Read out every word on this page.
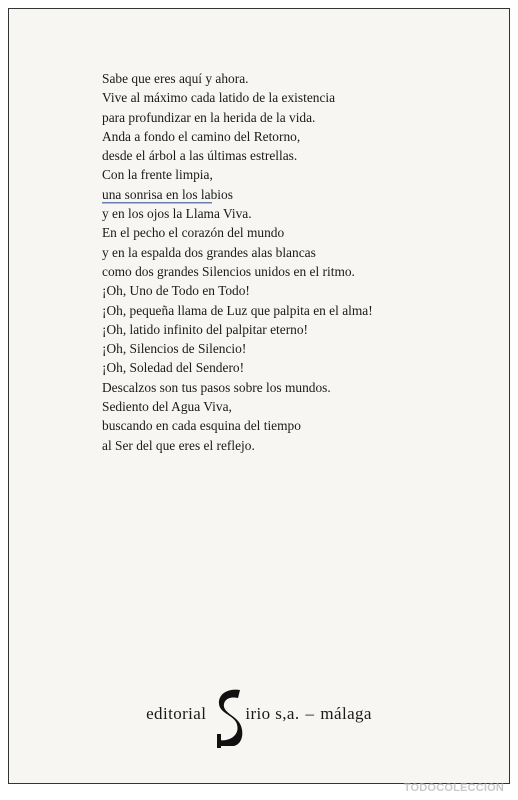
Sabe que eres aquí y ahora.
Vive al máximo cada latido de la existencia
para profundizar en la herida de la vida.
Anda a fondo el camino del Retorno,
desde el árbol a las últimas estrellas.
Con la frente limpia,
una sonrisa en los labios
y en los ojos la Llama Viva.
En el pecho el corazón del mundo
y en la espalda dos grandes alas blancas
como dos grandes Silencios unidos en el ritmo.
¡Oh, Uno de Todo en Todo!
¡Oh, pequeña llama de Luz que palpita en el alma!
¡Oh, latido infinito del palpitar eterno!
¡Oh, Silencios de Silencio!
¡Oh, Soledad del Sendero!
Descalzos son tus pasos sobre los mundos.
Sediento del Agua Viva,
buscando en cada esquina del tiempo
al Ser del que eres el reflejo.
editorial irio s,a. – málaga
TODOCOLECCION
